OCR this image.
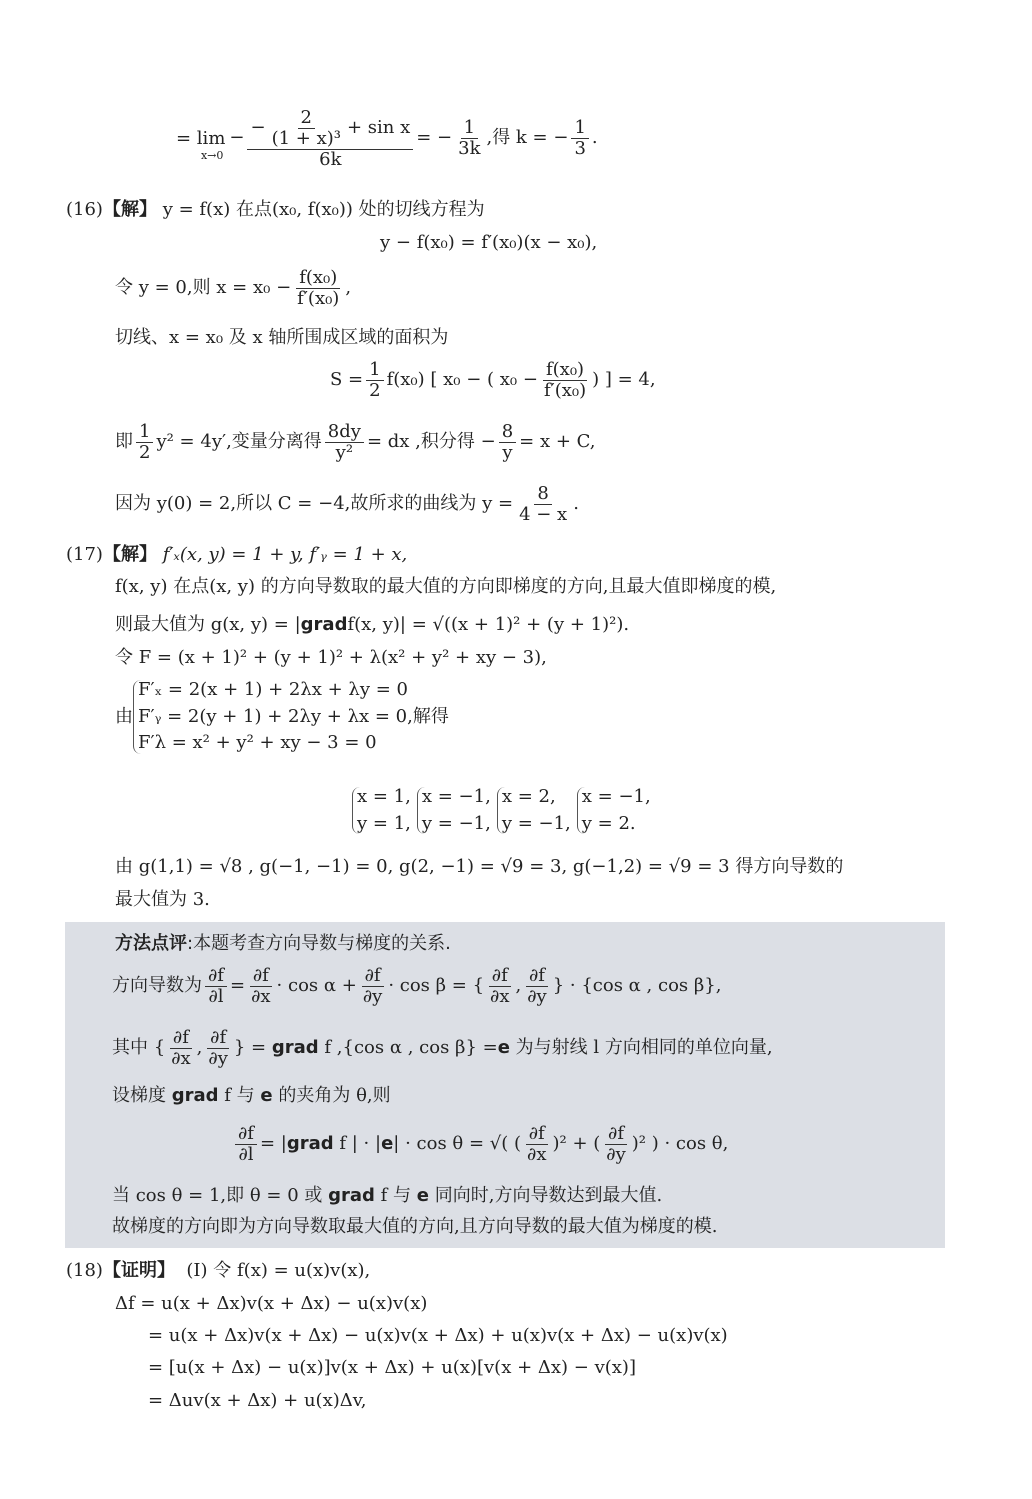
= lim
x→0
− $\frac{- \frac{2}{\text{(1 + x)³}} + \sin x}{6k}$ = − $\frac{1}{3k}$ ,得 k = − $\frac{1}{3}$ .
(16) 【解】
y = f(x) 在点(x₀, f(x₀)) 处的切线方程为
y − f(x₀) = f′(x₀)(x − x₀),
令 y = 0,则 $x = x_0 - \frac{\text{f(x₀)}}{\text{f′(x₀)}}$ ,
切线、x = x₀ 及 x 轴所围成区域的面积为
$S = \frac{1}{2} f(x_0)$ [ x₀ − ( $x_0 - \frac{\text{f(x₀)}}{\text{f′(x₀)}}$ ) ] = 4,
即 $\frac{1}{2} y^2 = 4y'$,变量分离得 $\frac{8dy}{\text{y²}}$ = dx ,积分得 − $\frac{8}{y} = x + C$,
因为 y(0) = 2,所以 C = −4,故所求的曲线为 $y = \frac{8}{4 - x}$ .
(17) 【解】
f′ₓ(x, y) = 1 + y, f′ᵧ = 1 + x,
f(x, y) 在点(x, y) 的方向导数取的最大值的方向即梯度的方向,且最大值即梯度的模,
则最大值为 g(x, y) = | grad f(x, y)| = √((x + 1)² + (y + 1)²).
令 F = (x + 1)² + (y + 1)² + λ(x² + y² + xy − 3),
由
F′ₓ = 2(x + 1) + 2λx + λy = 0
F′ᵧ = 2(y + 1) + 2λy + λx = 0,解得
F′λ = x² + y² + xy − 3 = 0
x = 1,
y = 1,
x = −1,
y = −1,
x = 2,
y = −1,
x = −1,
y = 2.
由 g(1,1) = √8 , g(−1, −1) = 0, g(2, −1) = √9 = 3, g(−1,2) = √9 = 3 得方向导数的
最大值为 3.
方法点评 :本题考查方向导数与梯度的关系.
方向导数为 $\frac{\partial f}{\partial l} = \frac{\partial f}{\partial x} \cdot \cos \alpha + \frac{\partial f}{\partial y} \cdot \cos \beta$ = { $\frac{\partial f}{\partial x}$ , $\frac{\partial f}{\partial y}$ } · {cos α , cos β},
其中 { $\frac{\partial f}{\partial x}$ , $\frac{\partial f}{\partial y}$ } =
grad
f ,{cos α , cos β} = e
为与射线 l 方向相同的单位向量,
设梯度
grad
f 与
e
的夹角为 θ,则
$\frac{\partial f}{\partial l}$ = | grad
f | · | e | · cos θ = √( ( $\frac{\partial f}{\partial x} )^2$ + ( $\frac{\partial f}{\partial y} )^2$ ) · cos θ,
当 cos θ = 1,即 θ = 0 或
grad
f 与
e
同向时,方向导数达到最大值.
故梯度的方向即为方向导数取最大值的方向,且方向导数的最大值为梯度的模.
(18) 【证明】
(Ⅰ) 令 f(x) = u(x)v(x),
Δf = u(x + Δx)v(x + Δx) − u(x)v(x)
= u(x + Δx)v(x + Δx) − u(x)v(x + Δx) + u(x)v(x + Δx) − u(x)v(x)
= [u(x + Δx) − u(x)]v(x + Δx) + u(x)[v(x + Δx) − v(x)]
= Δuv(x + Δx) + u(x)Δv,
